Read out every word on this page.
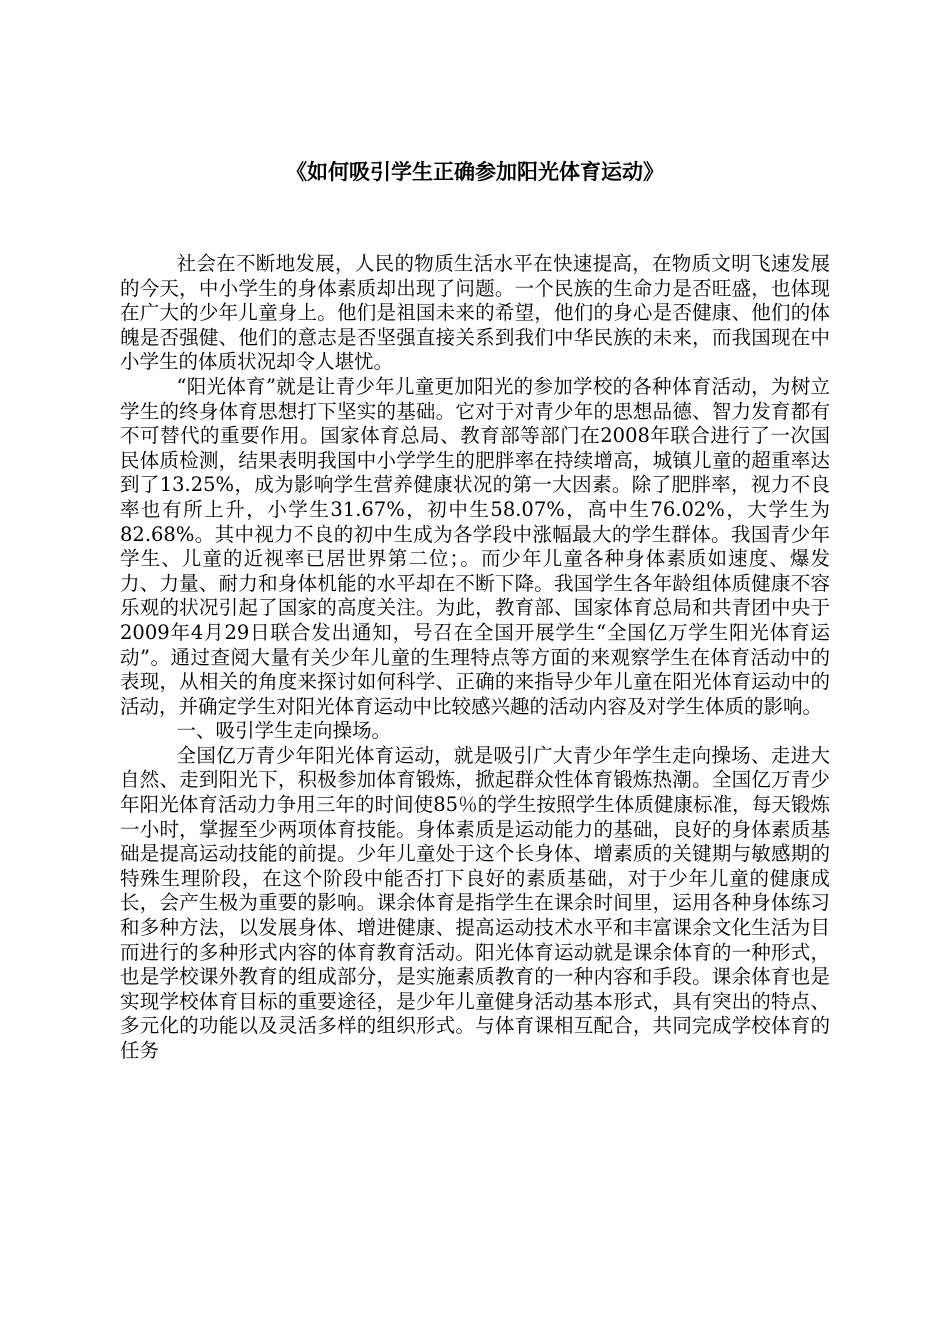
《如何吸引学生正确参加阳光体育运动》

社会在不断地发展，人民的物质生活水平在快速提高，在物质文明飞速发展的今天，中小学生的身体素质却出现了问题。一个民族的生命力是否旺盛，也体现在广大的少年儿童身上。他们是祖国未来的希望，他们的身心是否健康、他们的体魄是否强健、他们的意志是否坚强直接关系到我们中华民族的未来，而我国现在中小学生的体质状况却令人堪忧。

“阳光体育”就是让青少年儿童更加阳光的参加学校的各种体育活动，为树立学生的终身体育思想打下坚实的基础。它对于对青少年的思想品德、智力发育都有不可替代的重要作用。国家体育总局、教育部等部门在2008年联合进行了一次国民体质检测，结果表明我国中小学学生的肥胖率在持续增高，城镇儿童的超重率达到了13.25%，成为影响学生营养健康状况的第一大因素。除了肥胖率，视力不良率也有所上升，小学生31.67%，初中生58.07%，高中生76.02%，大学生为82.68%。其中视力不良的初中生成为各学段中涨幅最大的学生群体。我国青少年学生、儿童的近视率已居世界第二位；。而少年儿童各种身体素质如速度、爆发力、力量、耐力和身体机能的水平却在不断下降。我国学生各年龄组体质健康不容乐观的状况引起了国家的高度关注。为此，教育部、国家体育总局和共青团中央于2009年4月29日联合发出通知，号召在全国开展学生“全国亿万学生阳光体育运动”。通过查阅大量有关少年儿童的生理特点等方面的来观察学生在体育活动中的表现，从相关的角度来探讨如何科学、正确的来指导少年儿童在阳光体育运动中的活动，并确定学生对阳光体育运动中比较感兴趣的活动内容及对学生体质的影响。

一、吸引学生走向操场。

全国亿万青少年阳光体育运动，就是吸引广大青少年学生走向操场、走进大自然、走到阳光下，积极参加体育锻炼，掀起群众性体育锻炼热潮。全国亿万青少年阳光体育活动力争用三年的时间使85％的学生按照学生体质健康标准，每天锻炼一小时，掌握至少两项体育技能。身体素质是运动能力的基础，良好的身体素质基础是提高运动技能的前提。少年儿童处于这个长身体、增素质的关键期与敏感期的特殊生理阶段，在这个阶段中能否打下良好的素质基础，对于少年儿童的健康成长，会产生极为重要的影响。课余体育是指学生在课余时间里，运用各种身体练习和多种方法，以发展身体、增进健康、提高运动技术水平和丰富课余文化生活为目而进行的多种形式内容的体育教育活动。阳光体育运动就是课余体育的一种形式，也是学校课外教育的组成部分，是实施素质教育的一种内容和手段。课余体育也是实现学校体育目标的重要途径，是少年儿童健身活动基本形式，具有突出的特点、多元化的功能以及灵活多样的组织形式。与体育课相互配合，共同完成学校体育的任务
